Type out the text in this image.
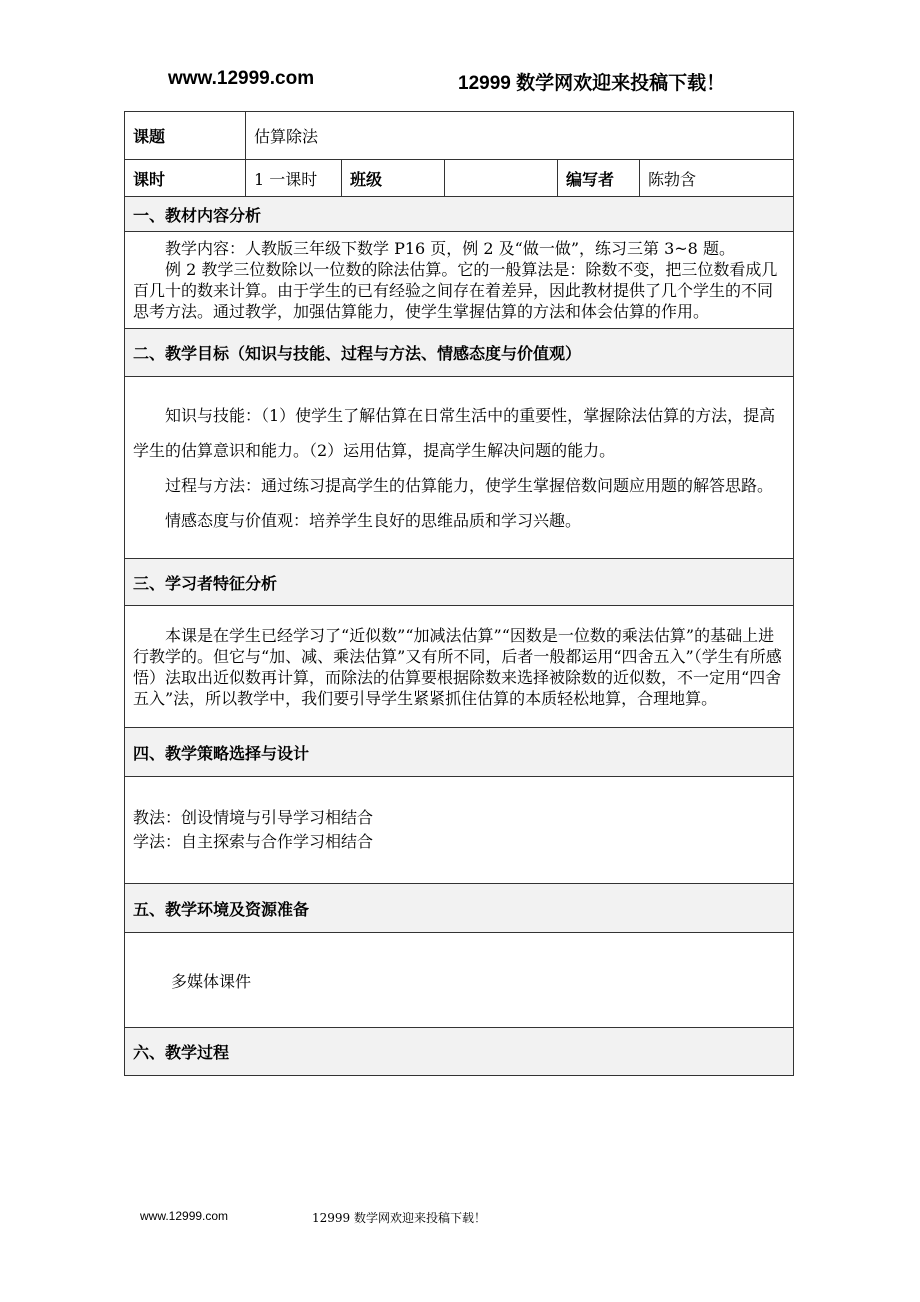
www.12999.com	12999 数学网欢迎来投稿下载！
课题	估算除法				
课时	1 一课时	班级		编写者	陈勃含
一、教材内容分析					

教学内容：人教版三年级下数学 P16 页，例 2 及“做一做”，练习三第 3~8 题。

例 2 教学三位数除以一位数的除法估算。它的一般算法是：除数不变，把三位数看成几百几十的数来计算。由于学生的已有经验之间存在着差异，因此教材提供了几个学生的不同思考方法。通过教学，加强估算能力，使学生掌握估算的方法和体会估算的作用。					

二、教学目标（知识与技能、过程与方法、情感态度与价值观）					

知识与技能：（1）使学生了解估算在日常生活中的重要性，掌握除法估算的方法，提高学生的估算意识和能力。（2）运用估算，提高学生解决问题的能力。

过程与方法：通过练习提高学生的估算能力，使学生掌握倍数问题应用题的解答思路。

情感态度与价值观：培养学生良好的思维品质和学习兴趣。					

三、学习者特征分析					

本课是在学生已经学习了“近似数”“加减法估算”“因数是一位数的乘法估算”的基础上进行教学的。但它与“加、减、乘法估算”又有所不同，后者一般都运用“四舍五入”（学生有所感悟）法取出近似数再计算，而除法的估算要根据除数来选择被除数的近似数，不一定用“四舍五入”法，所以教学中，我们要引导学生紧紧抓住估算的本质轻松地算，合理地算。					

四、教学策略选择与设计					

教法：创设情境与引导学习相结合

学法：自主探索与合作学习相结合					

五、教学环境及资源准备					
多媒体课件					
六、教学过程					
www.12999.com	12999 数学网欢迎来投稿下载！
